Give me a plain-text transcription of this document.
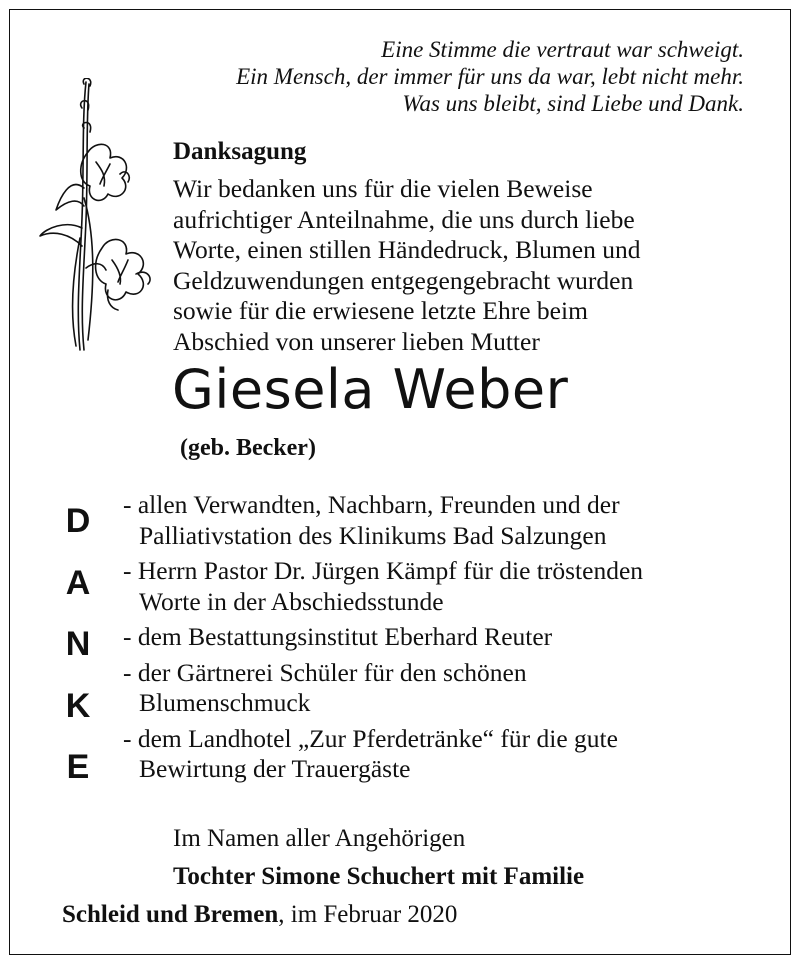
Eine Stimme die vertraut war schweigt.
Ein Mensch, der immer für uns da war, lebt nicht mehr.
Was uns bleibt, sind Liebe und Dank.
Danksagung
Wir bedanken uns für die vielen Beweise
aufrichtiger Anteilnahme, die uns durch liebe
Worte, einen stillen Händedruck, Blumen und
Geldzuwendungen entgegengebracht wurden
sowie für die erwiesene letzte Ehre beim
Abschied von unserer lieben Mutter
Giesela Weber
(geb. Becker)
D
A
N
K
E
- allen Verwandten, Nachbarn, Freunden und der
Palliativstation des Klinikums Bad Salzungen
- Herrn Pastor Dr. Jürgen Kämpf für die tröstenden
Worte in der Abschiedsstunde
- dem Bestattungsinstitut Eberhard Reuter
- der Gärtnerei Schüler für den schönen
Blumenschmuck
- dem Landhotel „Zur Pferdetränke“ für die gute
Bewirtung der Trauergäste
Im Namen aller Angehörigen
Tochter Simone Schuchert mit Familie
Schleid und Bremen, im Februar 2020
